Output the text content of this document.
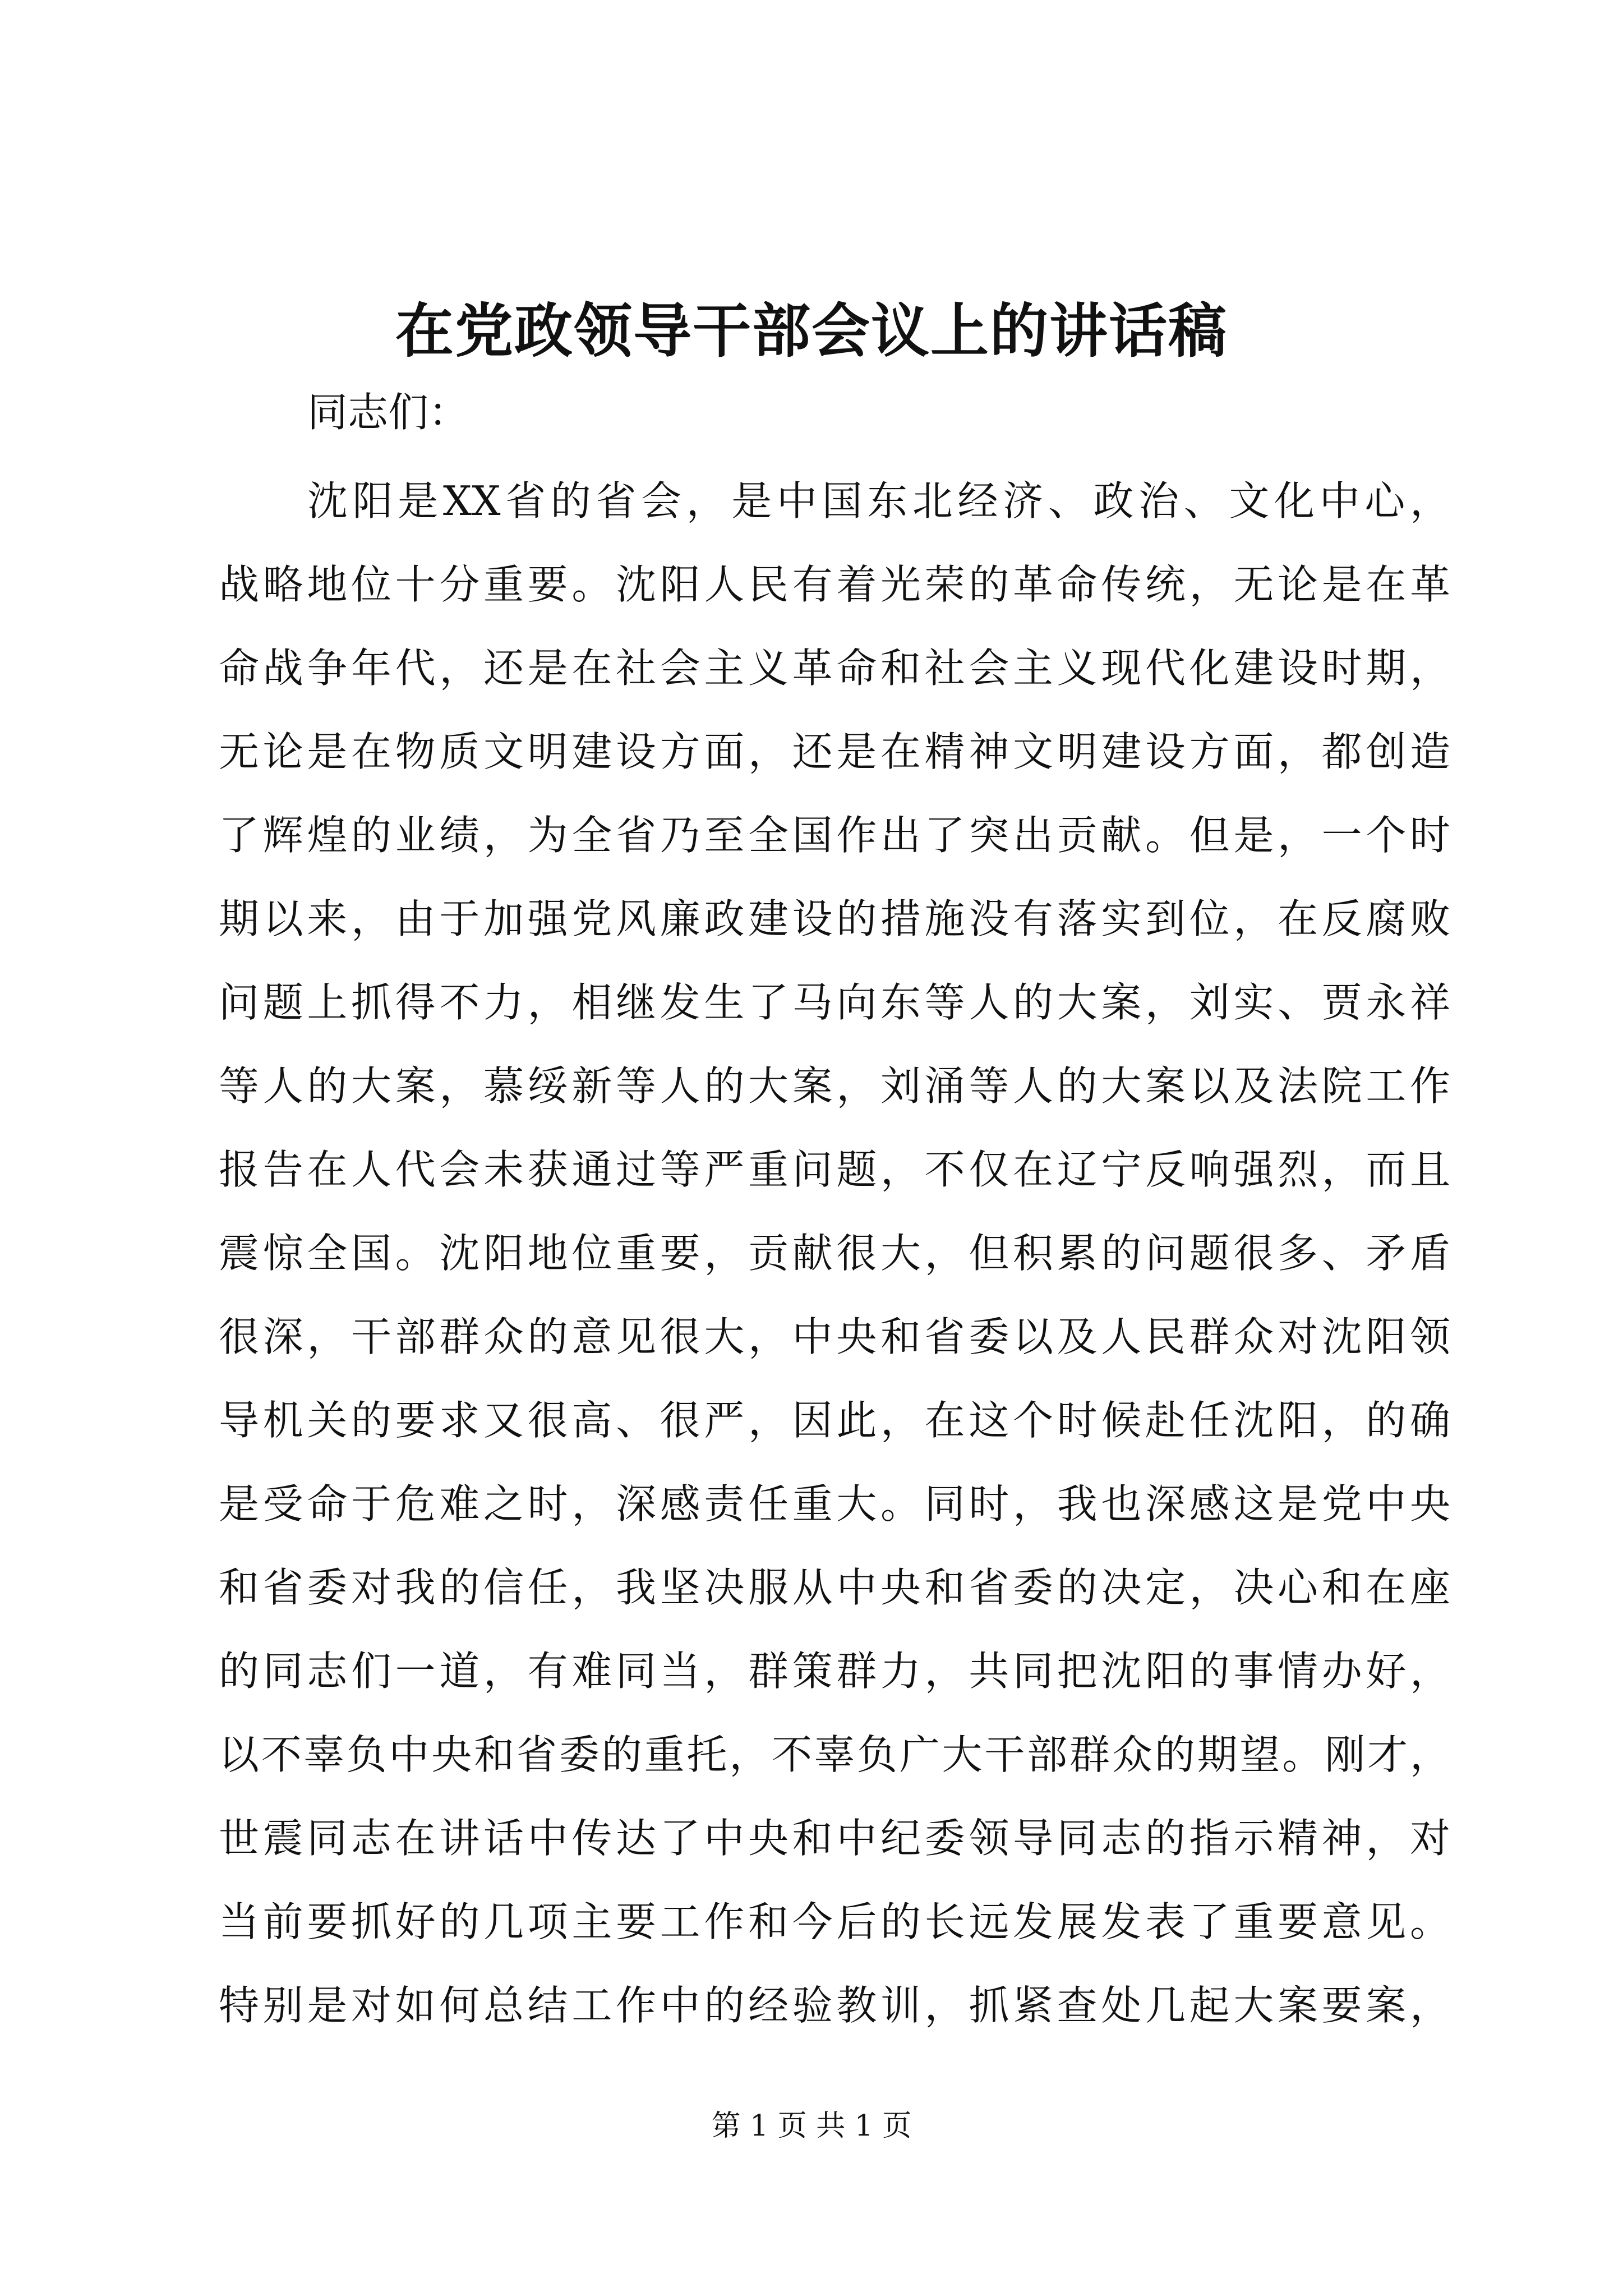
在党政领导干部会议上的讲话稿

同志们：

沈阳是XX省的省会，是中国东北经济、政治、文化中心，
战略地位十分重要。沈阳人民有着光荣的革命传统，无论是在革
命战争年代，还是在社会主义革命和社会主义现代化建设时期，
无论是在物质文明建设方面，还是在精神文明建设方面，都创造
了辉煌的业绩，为全省乃至全国作出了突出贡献。但是，一个时
期以来，由于加强党风廉政建设的措施没有落实到位，在反腐败
问题上抓得不力，相继发生了马向东等人的大案，刘实、贾永祥
等人的大案，慕绥新等人的大案，刘涌等人的大案以及法院工作
报告在人代会未获通过等严重问题，不仅在辽宁反响强烈，而且
震惊全国。沈阳地位重要，贡献很大，但积累的问题很多、矛盾
很深，干部群众的意见很大，中央和省委以及人民群众对沈阳领
导机关的要求又很高、很严，因此，在这个时候赴任沈阳，的确
是受命于危难之时，深感责任重大。同时，我也深感这是党中央
和省委对我的信任，我坚决服从中央和省委的决定，决心和在座
的同志们一道，有难同当，群策群力，共同把沈阳的事情办好，
以不辜负中央和省委的重托，不辜负广大干部群众的期望。刚才，
世震同志在讲话中传达了中央和中纪委领导同志的指示精神，对
当前要抓好的几项主要工作和今后的长远发展发表了重要意见。
特别是对如何总结工作中的经验教训，抓紧查处几起大案要案，

第 1 页 共 1 页
